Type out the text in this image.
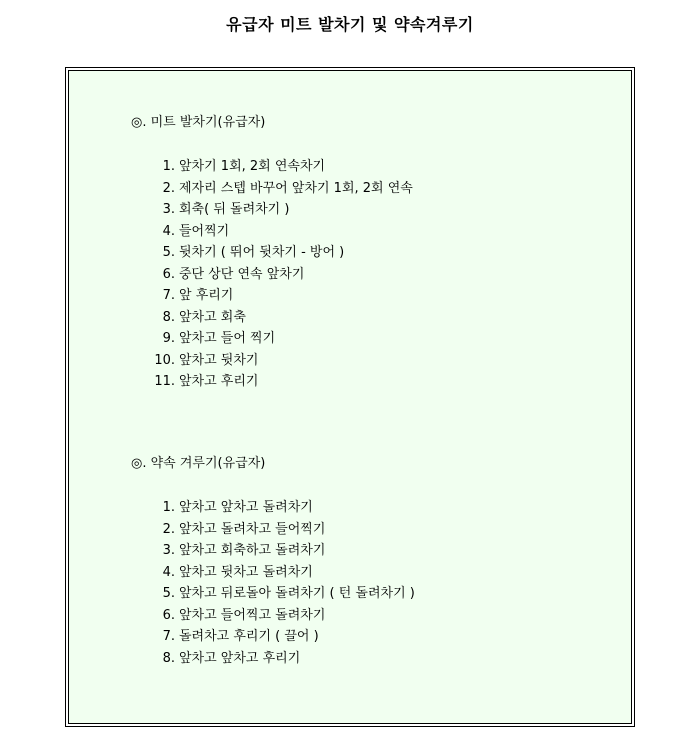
유급자 미트 발차기 및 약속겨루기

◎. 미트 발차기(유급자)

1. 앞차기 1회, 2회 연속차기
2. 제자리 스텝 바꾸어 앞차기 1회, 2회 연속
3. 회축( 뒤 돌려차기 )
4. 들어찍기
5. 뒷차기 ( 뛰어 뒷차기 - 방어 )
6. 중단 상단 연속 앞차기
7. 앞 후리기
8. 앞차고 회축
9. 앞차고 들어 찍기
10. 앞차고 뒷차기
11. 앞차고 후리기

◎. 약속 겨루기(유급자)

1. 앞차고 앞차고 돌려차기
2. 앞차고 돌려차고 들어찍기
3. 앞차고 회축하고 돌려차기
4. 앞차고 뒷차고 돌려차기
5. 앞차고 뒤로돌아 돌려차기 ( 턴 돌려차기 )
6. 앞차고 들어찍고 돌려차기
7. 돌려차고 후리기 ( 끌어 )
8. 앞차고 앞차고 후리기
